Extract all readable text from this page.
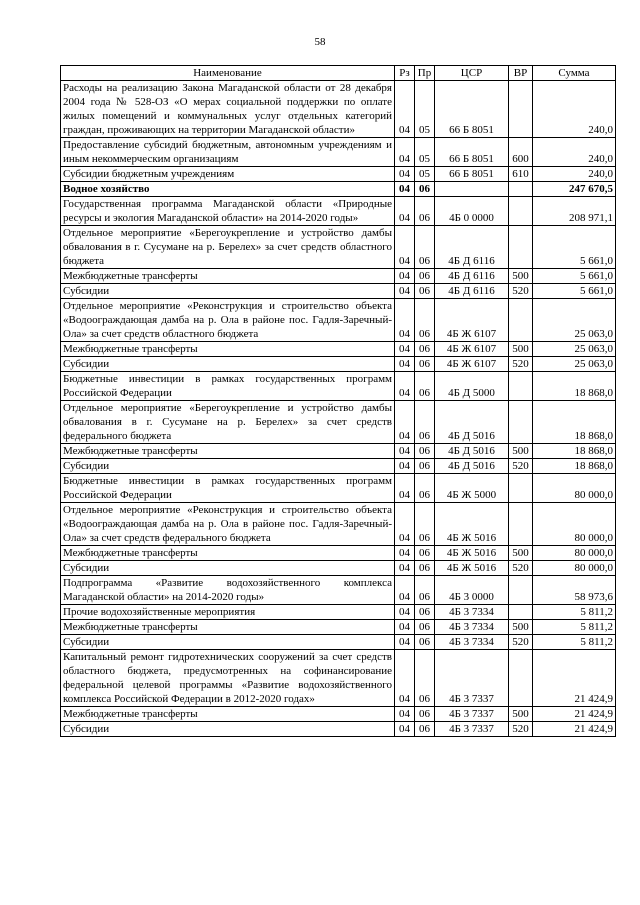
58
Наименование	Рз	Пр	ЦСР	ВР	Сумма
Расходы на реализацию Закона Магаданской области от 28 декабря 2004 года № 528-ОЗ «О мерах социальной поддержки по оплате жилых помещений и коммунальных услуг отдельных категорий граждан, проживающих на территории Магаданской области»	04	05	66 Б 8051		240,0
Предоставление субсидий бюджетным, автономным учреждениям и иным некоммерческим организациям	04	05	66 Б 8051	600	240,0
Субсидии бюджетным учреждениям	04	05	66 Б 8051	610	240,0
Водное хозяйство	04	06			247 670,5
Государственная программа Магаданской области «Природные ресурсы и экология Магаданской области» на 2014-2020 годы»	04	06	4Б 0 0000		208 971,1
Отдельное мероприятие «Берегоукрепление и устройство дамбы обвалования в г. Сусумане на р. Берелех» за счет средств областного бюджета	04	06	4Б Д 6116		5 661,0
Межбюджетные трансферты	04	06	4Б Д 6116	500	5 661,0
Субсидии	04	06	4Б Д 6116	520	5 661,0
Отдельное мероприятие «Реконструкция и строительство объекта «Водоограждающая дамба на р. Ола в районе пос. Гадля-Заречный-Ола» за счет средств областного бюджета	04	06	4Б Ж 6107		25 063,0
Межбюджетные трансферты	04	06	4Б Ж 6107	500	25 063,0
Субсидии	04	06	4Б Ж 6107	520	25 063,0
Бюджетные инвестиции в рамках государственных программ Российской Федерации	04	06	4Б Д 5000		18 868,0
Отдельное мероприятие «Берегоукрепление и устройство дамбы обвалования в г. Сусумане на р. Берелех» за счет средств федерального бюджета	04	06	4Б Д 5016		18 868,0
Межбюджетные трансферты	04	06	4Б Д 5016	500	18 868,0
Субсидии	04	06	4Б Д 5016	520	18 868,0
Бюджетные инвестиции в рамках государственных программ Российской Федерации	04	06	4Б Ж 5000		80 000,0
Отдельное мероприятие «Реконструкция и строительство объекта «Водоограждающая дамба на р. Ола в районе пос. Гадля-Заречный-Ола» за счет средств федерального бюджета	04	06	4Б Ж 5016		80 000,0
Межбюджетные трансферты	04	06	4Б Ж 5016	500	80 000,0
Субсидии	04	06	4Б Ж 5016	520	80 000,0
Подпрограмма «Развитие водохозяйственного комплекса Магаданской области» на 2014-2020 годы»	04	06	4Б 3 0000		58 973,6
Прочие водохозяйственные мероприятия	04	06	4Б 3 7334		5 811,2
Межбюджетные трансферты	04	06	4Б 3 7334	500	5 811,2
Субсидии	04	06	4Б 3 7334	520	5 811,2
Капитальный ремонт гидротехнических сооружений за счет средств областного бюджета, предусмотренных на софинансирование федеральной целевой программы «Развитие водохозяйственного комплекса Российской Федерации в 2012-2020 годах»	04	06	4Б 3 7337		21 424,9
Межбюджетные трансферты	04	06	4Б 3 7337	500	21 424,9
Субсидии	04	06	4Б 3 7337	520	21 424,9
